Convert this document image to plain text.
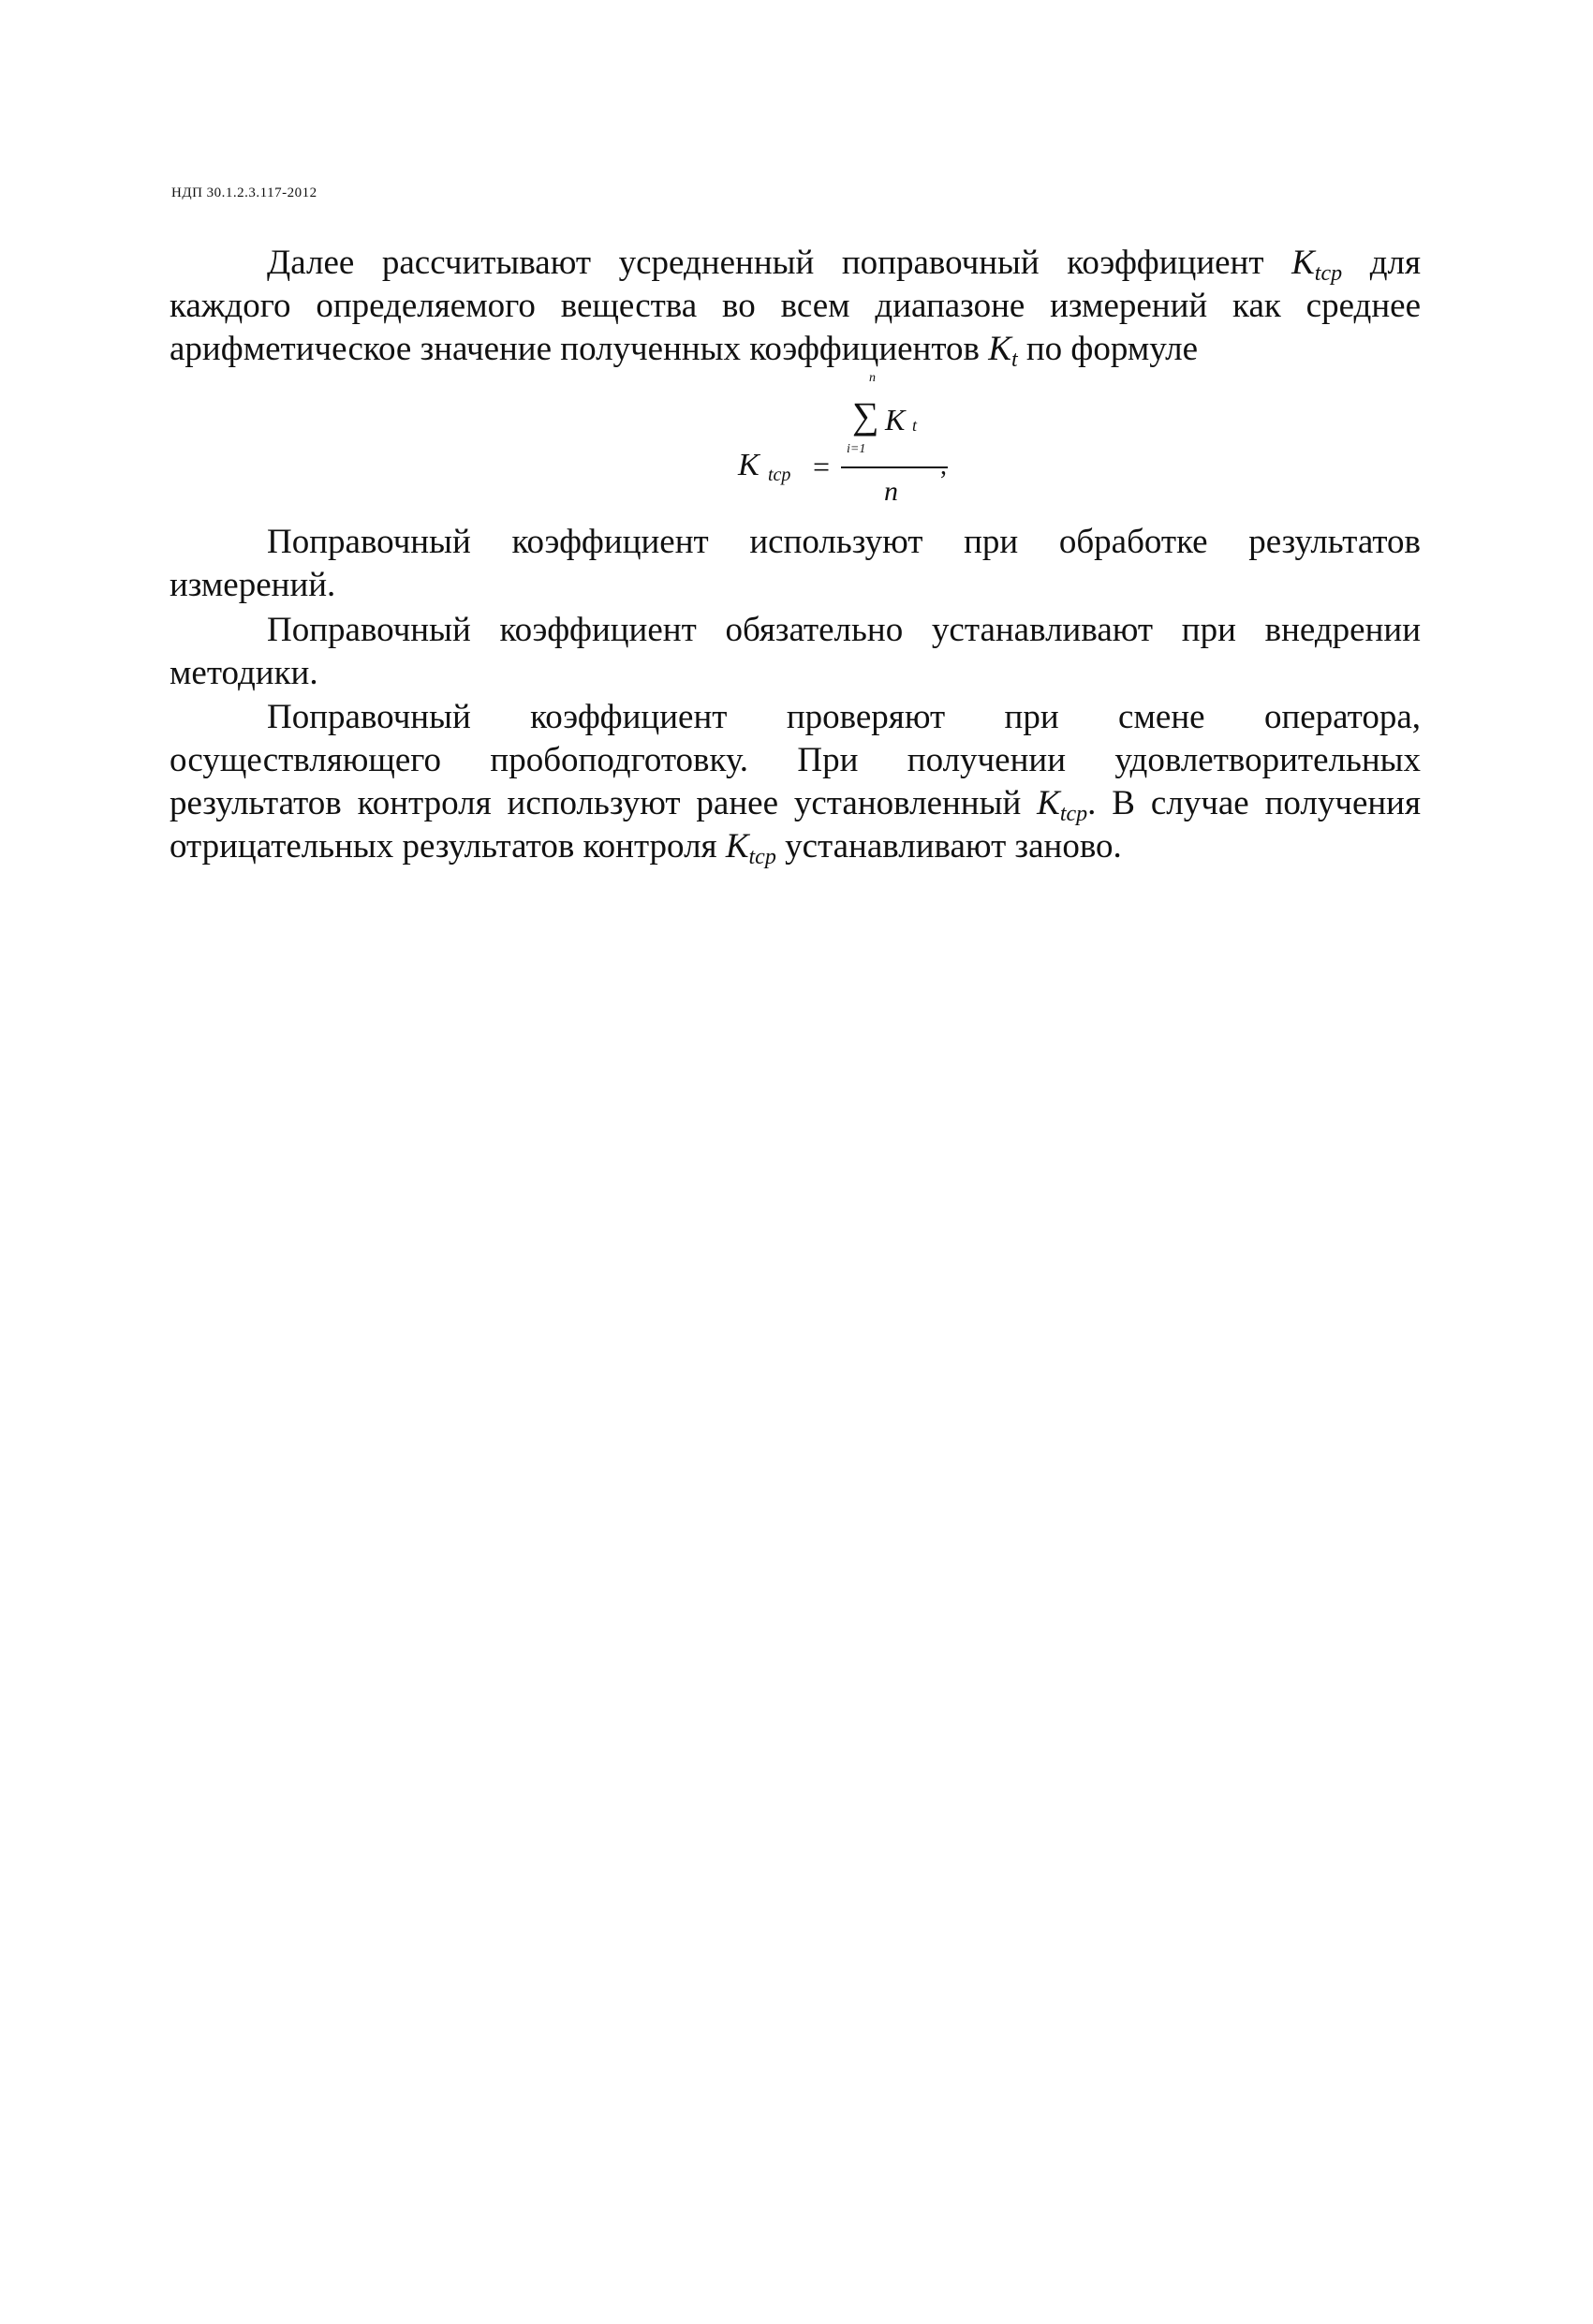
НДП 30.1.2.3.117-2012

Далее рассчитывают усредненный поправочный коэффициент $K_{tср}$ для каждого определяемого вещества во всем диапазоне измерений как среднее арифметическое значение полученных коэффициентов $K_t$ по формуле

K tср =
n
∑ K t
i=1
n
,

Поправочный коэффициент используют при обработке результатов измерений.

Поправочный коэффициент обязательно устанавливают при внедрении методики.

Поправочный коэффициент проверяют при смене оператора, осуществляющего пробоподготовку. При получении удовлетворительных результатов контроля используют ранее установленный $K_{tср}$. В случае получения отрицательных результатов контроля $K_{tср}$ устанавливают заново.
